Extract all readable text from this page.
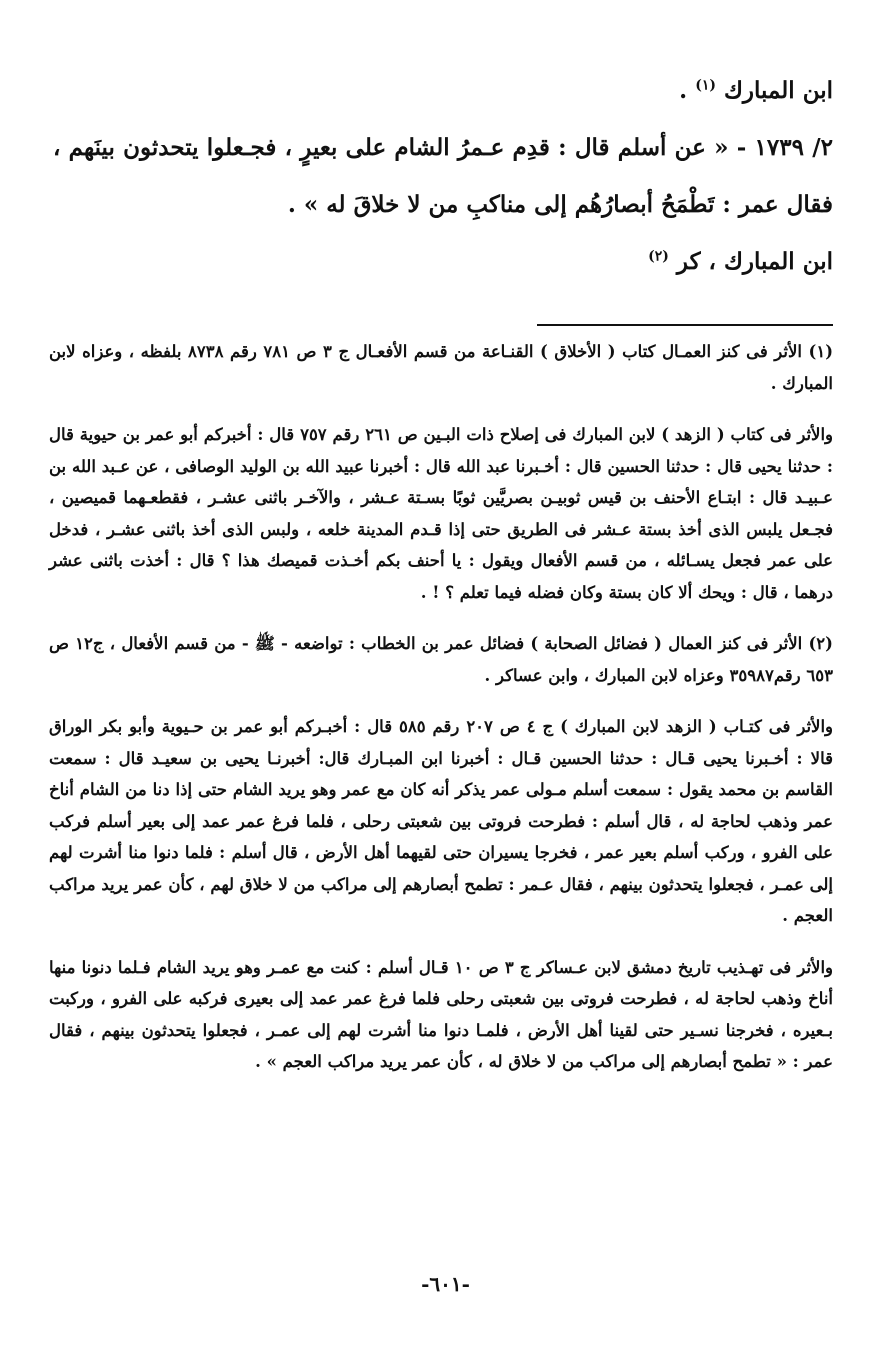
ابن المبارك $^{(١)}$ .

٢/ ١٧٣٩ - « عن أسلم قال : قدِم عـمرُ الشام على بعيرٍ ، فجـعلوا يتحدثون بينَهم ، فقال عمر : تَطْمَحُ أبصارُهُم إلى مناكبِ من لا خلاقَ له » .

ابن المبارك ، كر $^{(٢)}$

(١) الأثر فى كنز العمـال كتاب ( الأخلاق ) القنـاعة من قسم الأفعـال ج ٣ ص ٧٨١ رقم ٨٧٣٨ بلفظه ، وعزاه لابن المبارك .

والأثر فى كتاب ( الزهد ) لابن المبارك فى إصلاح ذات البـين ص ٢٦١ رقم ٧٥٧ قال : أخبركم أبو عمر بن حيوية قال : حدثنا يحيى قال : حدثنا الحسين قال : أخـبرنا عبد الله قال : أخبرنا عبيد الله بن الوليد الوصافى ، عن عـبد الله بن عـبيـد قال : ابتـاع الأحنف بن قيس ثوبيـن بصريَّين ثوبًا بسـتة عـشر ، والآخـر باثنى عشـر ، فقطعـهما قميصين ، فجـعل يلبس الذى أخذ بستة عـشر فى الطريق حتى إذا قـدم المدينة خلعه ، ولبس الذى أخذ باثنى عشـر ، فدخل على عمر فجعل يسـائله ، من قسم الأفعال ويقول : يا أحنف بكم أخـذت قميصك هذا ؟ قال : أخذت باثنى عشر درهما ، قال : ويحك ألا كان بستة وكان فضله فيما تعلم ؟ ! .

(٢) الأثر فى كنز العمال ( فضائل الصحابة ) فضائل عمر بن الخطاب : تواضعه - ﷺ - من قسم الأفعال ، ج١٢ ص ٦٥٣ رقم٣٥٩٨٧ وعزاه لابن المبارك ، وابن عساكر .

والأثر فى كتـاب ( الزهد لابن المبارك ) ج ٤ ص ٢٠٧ رقم ٥٨٥ قال : أخبـركم أبو عمر بن حـيوية وأبو بكر الوراق قالا : أخـبرنا يحيى قـال : حدثنا الحسين قـال : أخبرنا ابن المبـارك قال: أخبرنـا يحيى بن سعيـد قال : سمعت القاسم بن محمد يقول : سمعت أسلم مـولى عمر يذكر أنه كان مع عمر وهو يريد الشام حتى إذا دنا من الشام أناخ عمر وذهب لحاجة له ، قال أسلم : فطرحت فروتى بين شعبتى رحلى ، فلما فرغ عمر عمد إلى بعير أسلم فركب على الفرو ، وركب أسلم بعير عمر ، فخرجا يسيران حتى لقيهما أهل الأرض ، قال أسلم : فلما دنوا منا أشرت لهم إلى عمـر ، فجعلوا يتحدثون بينهم ، فقال عـمر : تطمح أبصارهم إلى مراكب من لا خلاق لهم ، كأن عمر يريد مراكب العجم .

والأثر فى تهـذيب تاريخ دمشق لابن عـساكر ج ٣ ص ١٠ قـال أسلم : كنت مع عمـر وهو يريد الشام فـلما دنونا منها أناخ وذهب لحاجة له ، فطرحت فروتى بين شعبتى رحلى فلما فرغ عمر عمد إلى بعيرى فركبه على الفرو ، وركبت بـعيره ، فخرجنا نسـير حتى لقينا أهل الأرض ، فلمـا دنوا منا أشرت لهم إلى عمـر ، فجعلوا يتحدثون بينهم ، فقال عمر : « تطمح أبصارهم إلى مراكب من لا خلاق له ، كأن عمر يريد مراكب العجم » .

-٦٠١-
